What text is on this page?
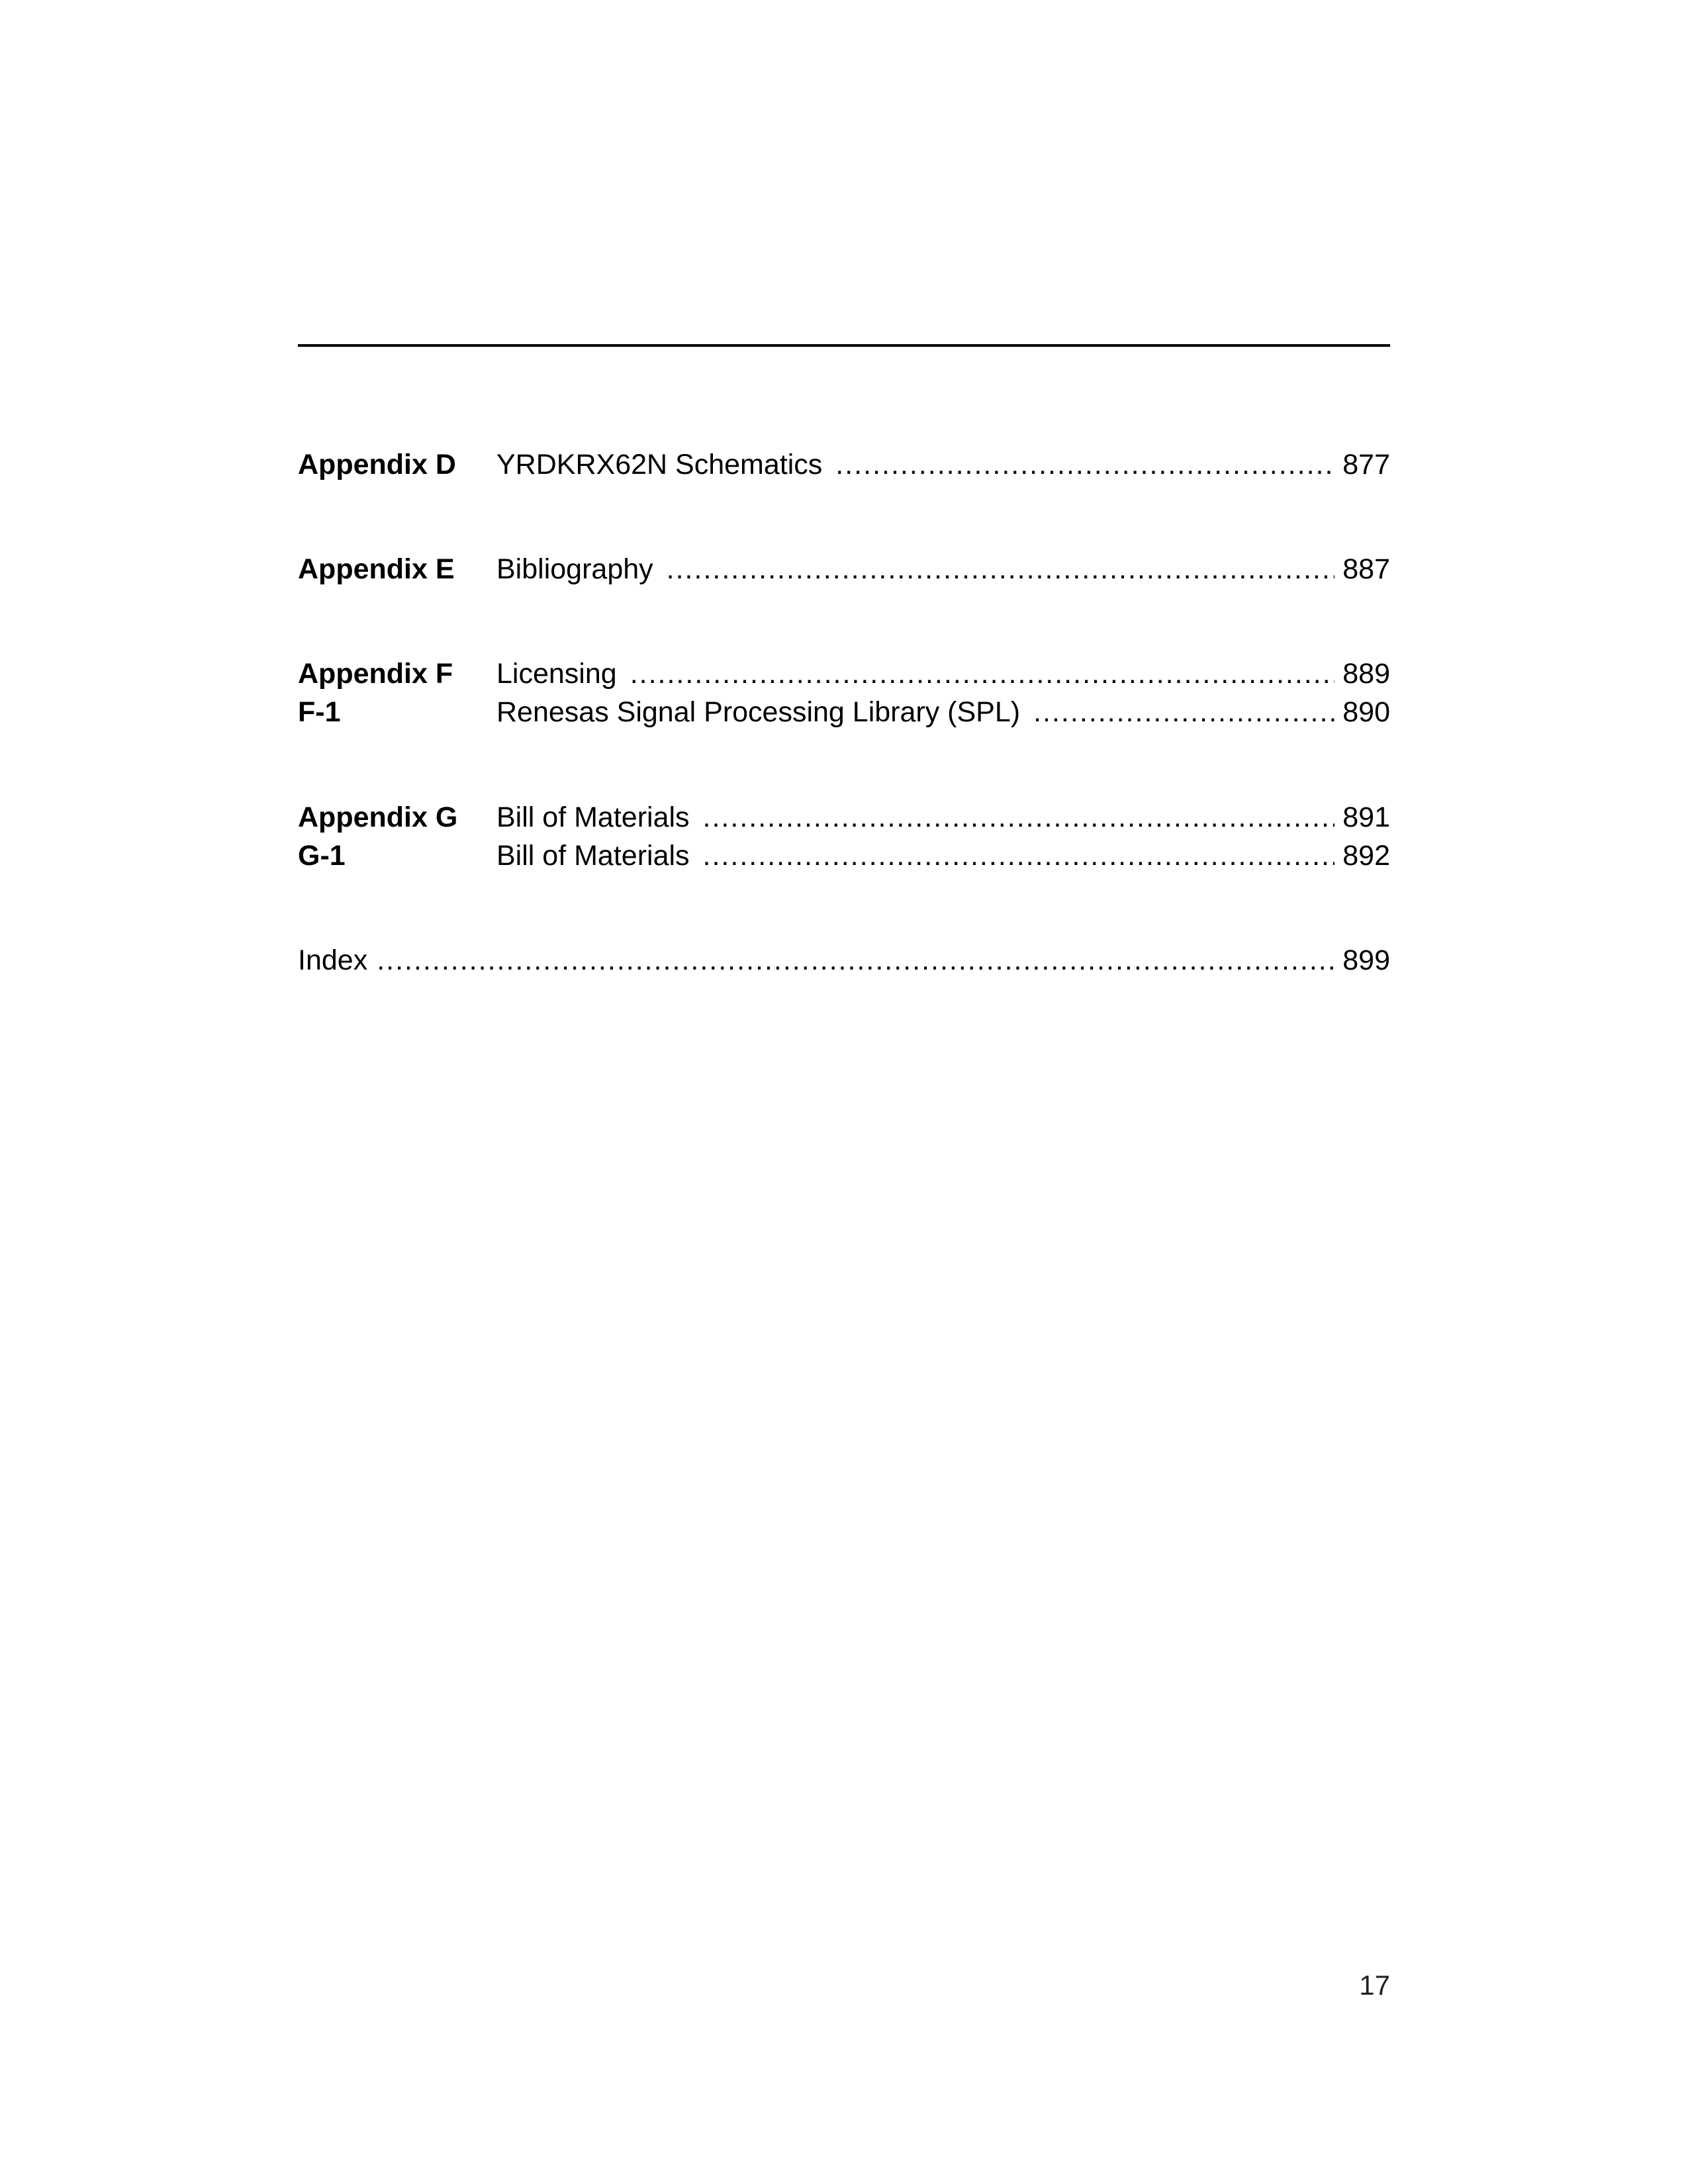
Appendix D	YRDKRX62N Schematics .....	877
Appendix E	Bibliography .....	887
Appendix F	Licensing .....	889
F-1	Renesas Signal Processing Library (SPL) .....	890
Appendix G	Bill of Materials .....	891
G-1	Bill of Materials .....	892
Index .....	899
17
